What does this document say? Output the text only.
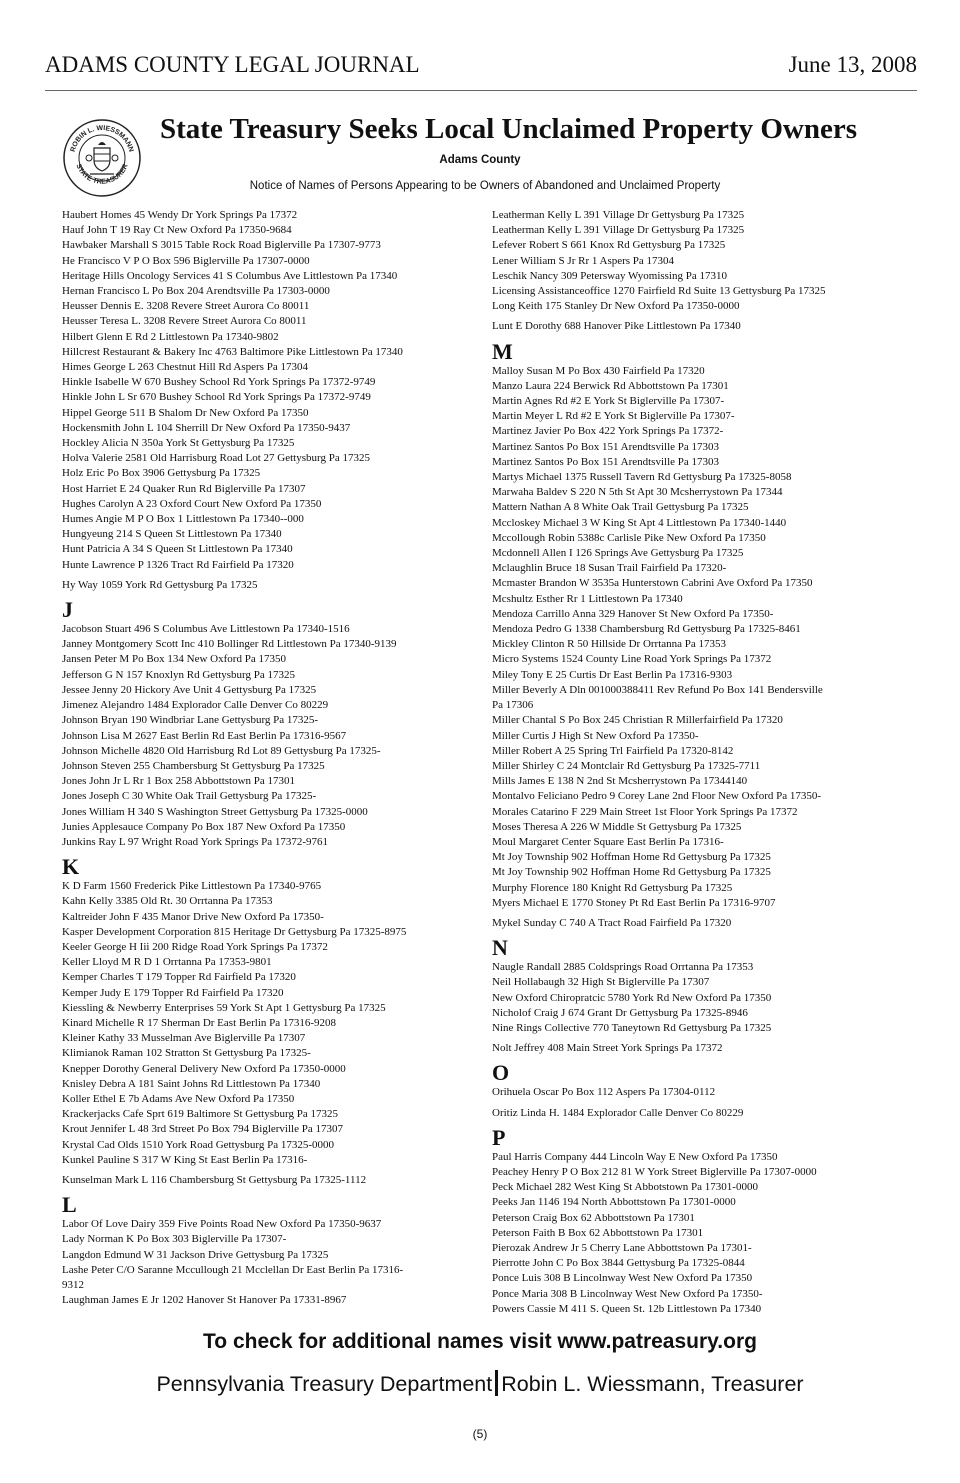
ADAMS COUNTY LEGAL JOURNAL	June 13, 2008
ROBIN L. WIESSMANN
STATE TREASURER
State Treasury Seeks Local Unclaimed Property Owners
Adams County
Notice of Names of Persons Appearing to be Owners of Abandoned and Unclaimed Property
Haubert Homes 45 Wendy Dr York Springs Pa 17372
Hauf John T 19 Ray Ct New Oxford Pa 17350-9684
Hawbaker Marshall S 3015 Table Rock Road Biglerville Pa 17307-9773
He Francisco V P O Box 596 Biglerville Pa 17307-0000
Heritage Hills Oncology Services 41 S Columbus Ave Littlestown Pa 17340
Hernan Francisco L Po Box 204 Arendtsville Pa 17303-0000
Heusser Dennis E. 3208 Revere Street Aurora Co 80011
Heusser Teresa L. 3208 Revere Street Aurora Co 80011
Hilbert Glenn E Rd 2 Littlestown Pa 17340-9802
Hillcrest Restaurant & Bakery Inc 4763 Baltimore Pike Littlestown Pa 17340
Himes George L 263 Chestnut Hill Rd Aspers Pa 17304
Hinkle Isabelle W 670 Bushey School Rd York Springs Pa 17372-9749
Hinkle John L Sr 670 Bushey School Rd York Springs Pa 17372-9749
Hippel George 511 B Shalom Dr New Oxford Pa 17350
Hockensmith John L 104 Sherrill Dr New Oxford Pa 17350-9437
Hockley Alicia N 350a York St Gettysburg Pa 17325
Holva Valerie 2581 Old Harrisburg Road Lot 27 Gettysburg Pa 17325
Holz Eric Po Box 3906 Gettysburg Pa 17325
Host Harriet E 24 Quaker Run Rd Biglerville Pa 17307
Hughes Carolyn A 23 Oxford Court New Oxford Pa 17350
Humes Angie M P O Box 1 Littlestown Pa 17340--000
Hungyeung 214 S Queen St Littlestown Pa 17340
Hunt Patricia A 34 S Queen St Littlestown Pa 17340
Hunte Lawrence P 1326 Tract Rd Fairfield Pa 17320
Hy Way 1059 York Rd Gettysburg Pa 17325
J
Jacobson Stuart 496 S Columbus Ave Littlestown Pa 17340-1516
Janney Montgomery Scott Inc 410 Bollinger Rd Littlestown Pa 17340-9139
Jansen Peter M Po Box 134 New Oxford Pa 17350
Jefferson G N 157 Knoxlyn Rd Gettysburg Pa 17325
Jessee Jenny 20 Hickory Ave Unit 4 Gettysburg Pa 17325
Jimenez Alejandro 1484 Explorador Calle Denver Co 80229
Johnson Bryan 190 Windbriar Lane Gettysburg Pa 17325-
Johnson Lisa M 2627 East Berlin Rd East Berlin Pa 17316-9567
Johnson Michelle 4820 Old Harrisburg Rd Lot 89 Gettysburg Pa 17325-
Johnson Steven 255 Chambersburg St Gettysburg Pa 17325
Jones John Jr L Rr 1 Box 258 Abbottstown Pa 17301
Jones Joseph C 30 White Oak Trail Gettysburg Pa 17325-
Jones William H 340 S Washington Street Gettysburg Pa 17325-0000
Junies Applesauce Company Po Box 187 New Oxford Pa 17350
Junkins Ray L 97 Wright Road York Springs Pa 17372-9761
K
K D Farm 1560 Frederick Pike Littlestown Pa 17340-9765
Kahn Kelly 3385 Old Rt. 30 Orrtanna Pa 17353
Kaltreider John F 435 Manor Drive New Oxford Pa 17350-
Kasper Development Corporation 815 Heritage Dr Gettysburg Pa 17325-8975
Keeler George H Iii 200 Ridge Road York Springs Pa 17372
Keller Lloyd M R D 1 Orrtanna Pa 17353-9801
Kemper Charles T 179 Topper Rd Fairfield Pa 17320
Kemper Judy E 179 Topper Rd Fairfield Pa 17320
Kiessling & Newberry Enterprises 59 York St Apt 1 Gettysburg Pa 17325
Kinard Michelle R 17 Sherman Dr East Berlin Pa 17316-9208
Kleiner Kathy 33 Musselman Ave Biglerville Pa 17307
Klimianok Raman 102 Stratton St Gettysburg Pa 17325-
Knepper Dorothy General Delivery New Oxford Pa 17350-0000
Knisley Debra A 181 Saint Johns Rd Littlestown Pa 17340
Koller Ethel E 7b Adams Ave New Oxford Pa 17350
Krackerjacks Cafe Sprt 619 Baltimore St Gettysburg Pa 17325
Krout Jennifer L 48 3rd Street Po Box 794 Biglerville Pa 17307
Krystal Cad Olds 1510 York Road Gettysburg Pa 17325-0000
Kunkel Pauline S 317 W King St East Berlin Pa 17316-
Kunselman Mark L 116 Chambersburg St Gettysburg Pa 17325-1112
L
Labor Of Love Dairy 359 Five Points Road New Oxford Pa 17350-9637
Lady Norman K Po Box 303 Biglerville Pa 17307-
Langdon Edmund W 31 Jackson Drive Gettysburg Pa 17325
Lashe Peter C/O Saranne Mccullough 21 Mcclellan Dr East Berlin Pa 17316-
9312
Laughman James E Jr 1202 Hanover St Hanover Pa 17331-8967
Leatherman Kelly L 391 Village Dr Gettysburg Pa 17325
Leatherman Kelly L 391 Village Dr Gettysburg Pa 17325
Lefever Robert S 661 Knox Rd Gettysburg Pa 17325
Lener William S Jr Rr 1 Aspers Pa 17304
Leschik Nancy 309 Petersway Wyomissing Pa 17310
Licensing Assistanceoffice 1270 Fairfield Rd Suite 13 Gettysburg Pa 17325
Long Keith 175 Stanley Dr New Oxford Pa 17350-0000
Lunt E Dorothy 688 Hanover Pike Littlestown Pa 17340
M
Malloy Susan M Po Box 430 Fairfield Pa 17320
Manzo Laura 224 Berwick Rd Abbottstown Pa 17301
Martin Agnes Rd #2 E York St Biglerville Pa 17307-
Martin Meyer L Rd #2 E York St Biglerville Pa 17307-
Martinez Javier Po Box 422 York Springs Pa 17372-
Martinez Santos Po Box 151 Arendtsville Pa 17303
Martinez Santos Po Box 151 Arendtsville Pa 17303
Martys Michael 1375 Russell Tavern Rd Gettysburg Pa 17325-8058
Marwaha Baldev S 220 N 5th St Apt 30 Mcsherrystown Pa 17344
Mattern Nathan A 8 White Oak Trail Gettysburg Pa 17325
Mccloskey Michael 3 W King St Apt 4 Littlestown Pa 17340-1440
Mccollough Robin 5388c Carlisle Pike New Oxford Pa 17350
Mcdonnell Allen I 126 Springs Ave Gettysburg Pa 17325
Mclaughlin Bruce 18 Susan Trail Fairfield Pa 17320-
Mcmaster Brandon W 3535a Hunterstown Cabrini Ave Oxford Pa 17350
Mcshultz Esther Rr 1 Littlestown Pa 17340
Mendoza Carrillo Anna 329 Hanover St New Oxford Pa 17350-
Mendoza Pedro G 1338 Chambersburg Rd Gettysburg Pa 17325-8461
Mickley Clinton R 50 Hillside Dr Orrtanna Pa 17353
Micro Systems 1524 County Line Road York Springs Pa 17372
Miley Tony E 25 Curtis Dr East Berlin Pa 17316-9303
Miller Beverly A Dln 001000388411 Rev Refund Po Box 141 Bendersville
Pa 17306
Miller Chantal S Po Box 245 Christian R Millerfairfield Pa 17320
Miller Curtis J High St New Oxford Pa 17350-
Miller Robert A 25 Spring Trl Fairfield Pa 17320-8142
Miller Shirley C 24 Montclair Rd Gettysburg Pa 17325-7711
Mills James E 138 N 2nd St Mcsherrystown Pa 17344140
Montalvo Feliciano Pedro 9 Corey Lane 2nd Floor New Oxford Pa 17350-
Morales Catarino F 229 Main Street 1st Floor York Springs Pa 17372
Moses Theresa A 226 W Middle St Gettysburg Pa 17325
Moul Margaret Center Square East Berlin Pa 17316-
Mt Joy Township 902 Hoffman Home Rd Gettysburg Pa 17325
Mt Joy Township 902 Hoffman Home Rd Gettysburg Pa 17325
Murphy Florence 180 Knight Rd Gettysburg Pa 17325
Myers Michael E 1770 Stoney Pt Rd East Berlin Pa 17316-9707
Mykel Sunday C 740 A Tract Road Fairfield Pa 17320
N
Naugle Randall 2885 Coldsprings Road Orrtanna Pa 17353
Neil Hollabaugh 32 High St Biglerville Pa 17307
New Oxford Chiropratcic 5780 York Rd New Oxford Pa 17350
Nicholof Craig J 674 Grant Dr Gettysburg Pa 17325-8946
Nine Rings Collective 770 Taneytown Rd Gettysburg Pa 17325
Nolt Jeffrey 408 Main Street York Springs Pa 17372
O
Orihuela Oscar Po Box 112 Aspers Pa 17304-0112
Oritiz Linda H. 1484 Explorador Calle Denver Co 80229
P
Paul Harris Company 444 Lincoln Way E New Oxford Pa 17350
Peachey Henry P O Box 212 81 W York Street Biglerville Pa 17307-0000
Peck Michael 282 West King St Abbotstown Pa 17301-0000
Peeks Jan 1146 194 North Abbottstown Pa 17301-0000
Peterson Craig Box 62 Abbottstown Pa 17301
Peterson Faith B Box 62 Abbottstown Pa 17301
Pierozak Andrew Jr 5 Cherry Lane Abbottstown Pa 17301-
Pierrotte John C Po Box 3844 Gettysburg Pa 17325-0844
Ponce Luis 308 B Lincolnway West New Oxford Pa 17350
Ponce Maria 308 B Lincolnway West New Oxford Pa 17350-
Powers Cassie M 411 S. Queen St. 12b Littlestown Pa 17340
To check for additional names visit www.patreasury.org
Pennsylvania Treasury Department Robin L. Wiessmann, Treasurer
(5)
